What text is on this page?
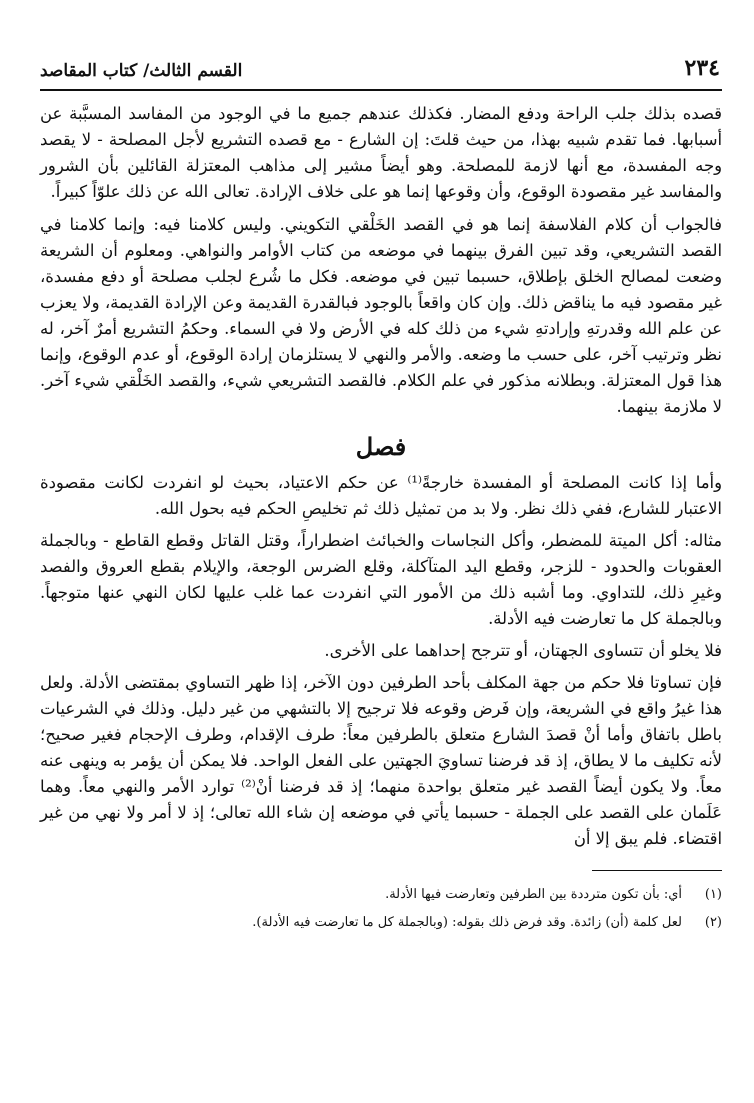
٢٣٤
القسم الثالث/ كتاب المقاصد

قصده بذلك جلب الراحة ودفع المضار. فكذلك عندهم جميع ما في الوجود من المفاسد المسبَّبة عن أسبابها. فما تقدم شبيه بهذا، من حيث قلتَ: إن الشارع - مع قصده التشريع لأجل المصلحة - لا يقصد وجه المفسدة، مع أنها لازمة للمصلحة. وهو أيضاً مشير إلى مذاهب المعتزلة القائلين بأن الشرور والمفاسد غير مقصودة الوقوع، وأن وقوعها إنما هو على خلاف الإرادة. تعالى الله عن ذلك علوّاً كبيراً.

فالجواب أن كلام الفلاسفة إنما هو في القصد الخَلْقي التكويني. وليس كلامنا فيه: وإنما كلامنا في القصد التشريعي، وقد تبين الفرق بينهما في موضعه من كتاب الأوامر والنواهي. ومعلوم أن الشريعة وضعت لمصالح الخلق بإطلاق، حسبما تبين في موضعه. فكل ما شُرع لجلب مصلحة أو دفع مفسدة، غير مقصود فيه ما يناقض ذلك. وإن كان واقعاً بالوجود فبالقدرة القديمة وعن الإرادة القديمة، ولا يعزب عن علم الله وقدرتهِ وإرادتهِ شيء من ذلك كله في الأرض ولا في السماء. وحكمُ التشريع أمرٌ آخر، له نظر وترتيب آخر، على حسب ما وضعه. والأمر والنهي لا يستلزمان إرادة الوقوع، أو عدم الوقوع، وإنما هذا قول المعتزلة. وبطلانه مذكور في علم الكلام. فالقصد التشريعي شيء، والقصد الخَلْقي شيء آخر. لا ملازمة بينهما.

فصل

وأما إذا كانت المصلحة أو المفسدة خارجةً⁽¹⁾ عن حكم الاعتياد، بحيث لو انفردت لكانت مقصودة الاعتبار للشارع، ففي ذلك نظر. ولا بد من تمثيل ذلك ثم تخليصِ الحكم فيه بحول الله.

مثاله: أكل الميتة للمضطر، وأكل النجاسات والخبائث اضطراراً، وقتل القاتل وقطع القاطع - وبالجملة العقوبات والحدود - للزجر، وقطع اليد المتآكلة، وقلع الضرس الوجعة، والإيلام بقطع العروق والفصد وغيرِ ذلك، للتداوي. وما أشبه ذلك من الأمور التي انفردت عما غلب عليها لكان النهي عنها متوجهاً. وبالجملة كل ما تعارضت فيه الأدلة.

فلا يخلو أن تتساوى الجهتان، أو تترجح إحداهما على الأخرى.

فإن تساوتا فلا حكم من جهة المكلف بأحد الطرفين دون الآخر، إذا ظهر التساوي بمقتضى الأدلة. ولعل هذا غيرُ واقع في الشريعة، وإن فَرض وقوعه فلا ترجيح إلا بالتشهي من غير دليل. وذلك في الشرعيات باطل باتفاق وأما أنْ قصدَ الشارع متعلق بالطرفين معاً: طرف الإقدام، وطرف الإحجام فغير صحيح؛ لأنه تكليف ما لا يطاق، إذ قد فرضنا تساويَ الجهتين على الفعل الواحد. فلا يمكن أن يؤمر به وينهى عنه معاً. ولا يكون أيضاً القصد غير متعلق بواحدة منهما؛ إذ قد فرضنا أنْ⁽²⁾ توارد الأمر والنهي معاً. وهما عَلَمان على القصد على الجملة - حسبما يأتي في موضعه إن شاء الله تعالى؛ إذ لا أمر ولا نهي من غير اقتضاء. فلم يبق إلا أن

(١)
أي: بأن تكون مترددة بين الطرفين وتعارضت فيها الأدلة.
(٢)
لعل كلمة (أن) زائدة. وقد فرض ذلك بقوله: (وبالجملة كل ما تعارضت فيه الأدلة).
